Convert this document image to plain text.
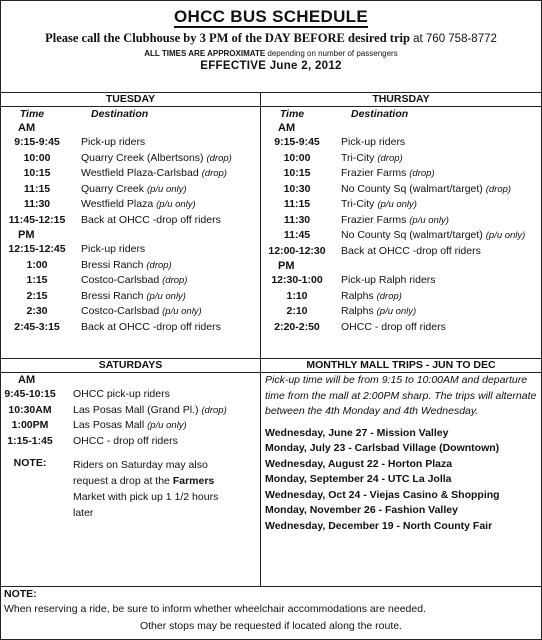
OHCC BUS SCHEDULE
Please call the Clubhouse by 3 PM of the DAY BEFORE desired trip at 760 758-8772
ALL TIMES ARE APPROXIMATE depending on number of passengers
EFFECTIVE June 2, 2012
TUESDAY
Time	Destination
AM
9:15-9:45	Pick-up riders
10:00	Quarry Creek (Albertsons) (drop)
10:15	Westfield Plaza-Carlsbad (drop)
11:15	Quarry Creek (p/u only)
11:30	Westfield Plaza (p/u only)
11:45-12:15	Back at OHCC -drop off riders
PM
12:15-12:45	Pick-up riders
1:00	Bressi Ranch (drop)
1:15	Costco-Carlsbad (drop)
2:15	Bressi Ranch (p/u only)
2:30	Costco-Carlsbad (p/u only)
2:45-3:15	Back at OHCC -drop off riders
THURSDAY
Time	Destination
AM
9:15-9:45	Pick-up riders
10:00	Tri-City (drop)
10:15	Frazier Farms (drop)
10:30	No County Sq (walmart/target) (drop)
11:15	Tri-City (p/u only)
11:30	Frazier Farms (p/u only)
11:45	No County Sq (walmart/target) (p/u only)
12:00-12:30	Back at OHCC -drop off riders
PM
12:30-1:00	Pick-up Ralph riders
1:10	Ralphs (drop)
2:10	Ralphs (p/u only)
2:20-2:50	OHCC - drop off riders
SATURDAYS
AM
9:45-10:15	OHCC pick-up riders
10:30AM	Las Posas Mall (Grand Pl.) (drop)
1:00PM	Las Posas Mall (p/u only)
1:15-1:45	OHCC - drop off riders
NOTE:	Riders on Saturday may also request a drop at the Farmers Market with pick up 1 1/2 hours later
MONTHLY MALL TRIPS - JUN TO DEC
Pick-up time will be from 9:15 to 10:00AM and departure time from the mall at 2:00PM sharp. The trips will alternate between the 4th Monday and 4th Wednesday.
Wednesday, June 27 - Mission Valley
Monday, July 23 - Carlsbad Village (Downtown)
Wednesday, August 22 - Horton Plaza
Monday, September 24 - UTC La Jolla
Wednesday, Oct 24 - Viejas Casino & Shopping
Monday, November 26 - Fashion Valley
Wednesday, December 19 - North County Fair
NOTE:
When reserving a ride, be sure to inform whether wheelchair accommodations are needed.
Other stops may be requested if located along the route.
